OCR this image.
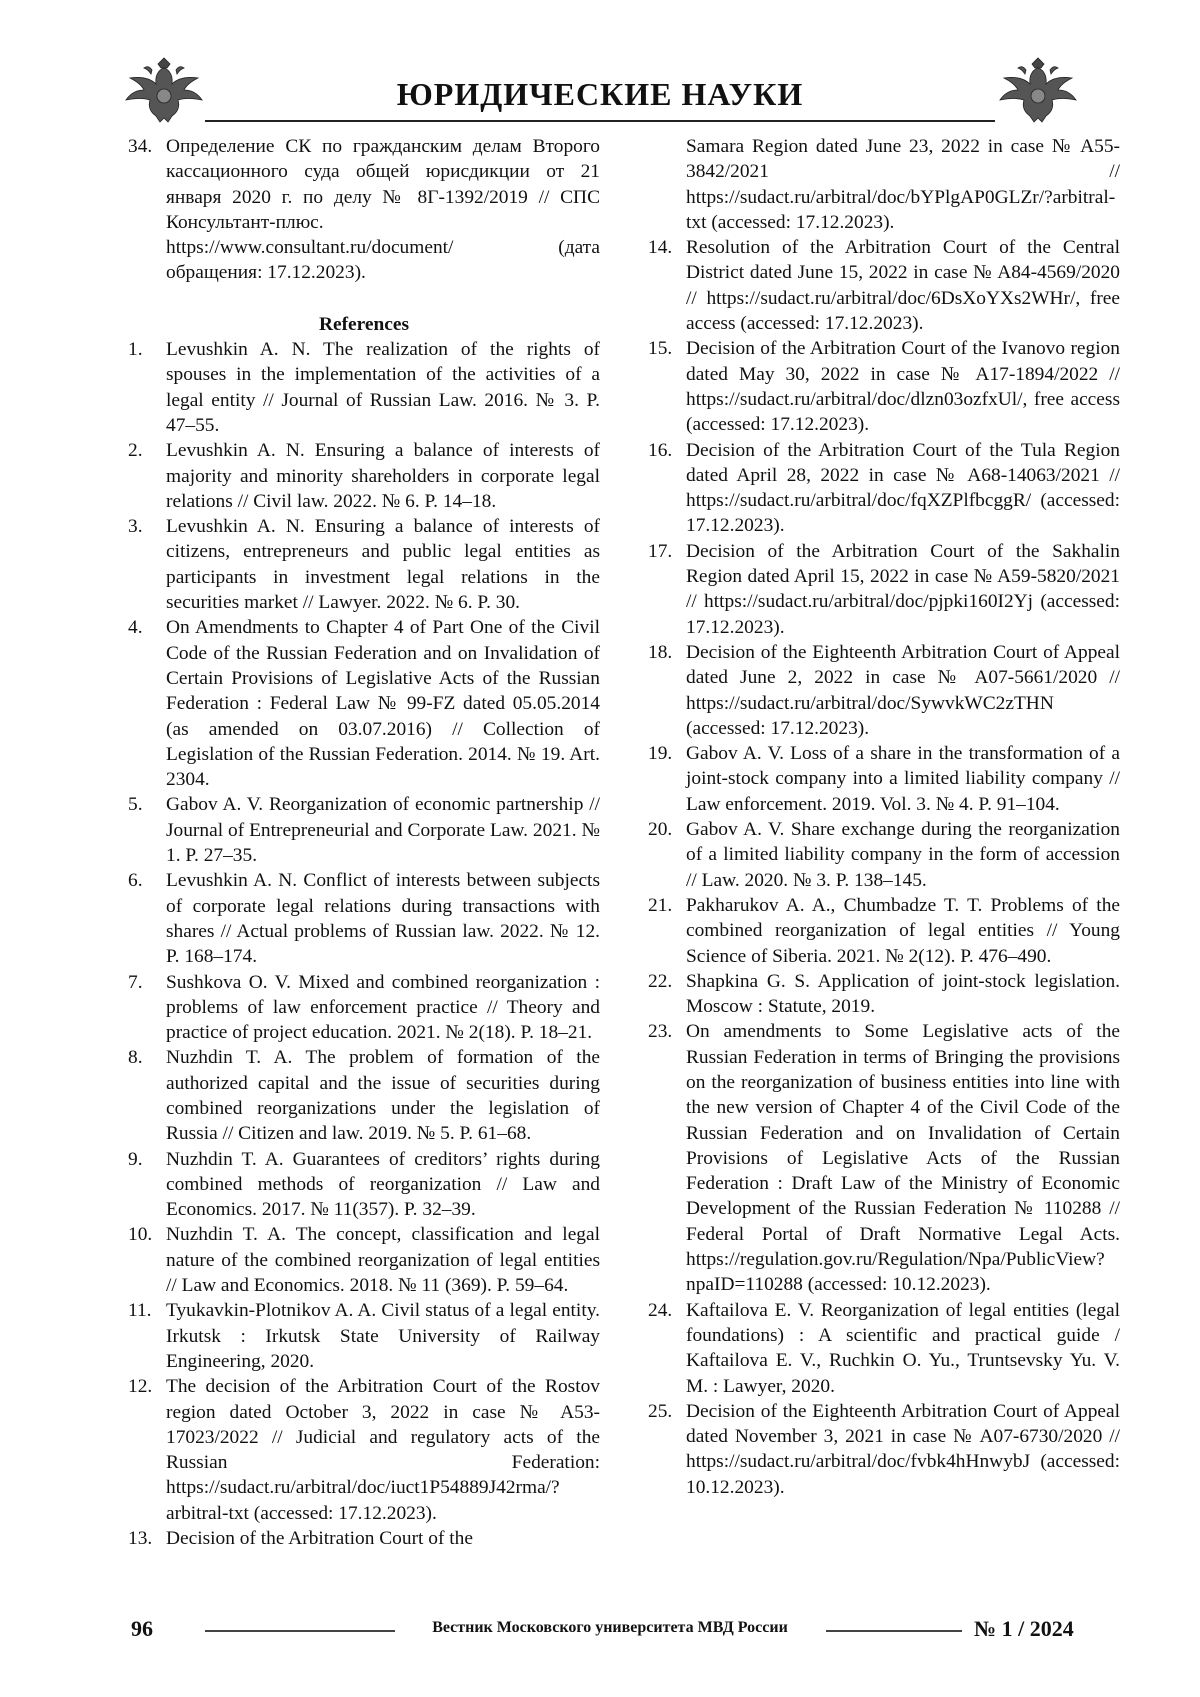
ЮРИДИЧЕСКИЕ НАУКИ
34. Определение СК по гражданским делам Второго кассационного суда общей юрисдикции от 21 января 2020 г. по делу № 8Г-1392/2019 // СПС Консультант-плюс. https://www.consultant.ru/document/ (дата обращения: 17.12.2023).
References
1.	Levushkin A. N. The realization of the rights of spouses in the implementation of the activities of a legal entity // Journal of Russian Law. 2016. № 3. P. 47–55.
2.	Levushkin A. N. Ensuring a balance of interests of majority and minority shareholders in corporate legal relations // Civil law. 2022. № 6. P. 14–18.
3.	Levushkin A. N. Ensuring a balance of interests of citizens, entrepreneurs and public legal entities as participants in investment legal relations in the securities market // Lawyer. 2022. № 6. P. 30.
4.	On Amendments to Chapter 4 of Part One of the Civil Code of the Russian Federation and on Invalidation of Certain Provisions of Legislative Acts of the Russian Federation : Federal Law № 99-FZ dated 05.05.2014 (as amended on 03.07.2016) // Collection of Legislation of the Russian Federation. 2014. № 19. Art. 2304.
5.	Gabov A. V. Reorganization of economic partnership // Journal of Entrepreneurial and Corporate Law. 2021. № 1. P. 27–35.
6.	Levushkin A. N. Conflict of interests between subjects of corporate legal relations during transactions with shares // Actual problems of Russian law. 2022. № 12. P. 168–174.
7.	Sushkova O. V. Mixed and combined reorganization : problems of law enforcement practice // Theory and practice of project education. 2021. № 2(18). P. 18–21.
8.	Nuzhdin T. A. The problem of formation of the authorized capital and the issue of securities during combined reorganizations under the legislation of Russia // Citizen and law. 2019. № 5. P. 61–68.
9.	Nuzhdin T. A. Guarantees of creditors’ rights during combined methods of reorganization // Law and Economics. 2017. № 11(357). P. 32–39.
10. Nuzhdin T. A. The concept, classification and legal nature of the combined reorganization of legal entities // Law and Economics. 2018. № 11 (369). P. 59–64.
11. Tyukavkin-Plotnikov A. A. Civil status of a legal entity. Irkutsk : Irkutsk State University of Railway Engineering, 2020.
12. The decision of the Arbitration Court of the Rostov region dated October 3, 2022 in case № A53-17023/2022 // Judicial and regulatory acts of the Russian Federation: https://sudact.ru/arbitral/doc/iuct1P54889J42rma/?arbitral-txt (accessed: 17.12.2023).
13. Decision of the Arbitration Court of the
Samara Region dated June 23, 2022 in case № A55-3842/2021 // https://sudact.ru/arbitral/doc/bYPlgAP0GLZr/?arbitral-txt (accessed: 17.12.2023).
14. Resolution of the Arbitration Court of the Central District dated June 15, 2022 in case № A84-4569/2020 // https://sudact.ru/arbitral/doc/6DsXoYXs2WHr/, free access (accessed: 17.12.2023).
15. Decision of the Arbitration Court of the Ivanovo region dated May 30, 2022 in case № A17-1894/2022 // https://sudact.ru/arbitral/doc/dlzn03ozfxUl/, free access (accessed: 17.12.2023).
16. Decision of the Arbitration Court of the Tula Region dated April 28, 2022 in case № A68-14063/2021 // https://sudact.ru/arbitral/doc/fqXZPlfbcggR/ (accessed: 17.12.2023).
17. Decision of the Arbitration Court of the Sakhalin Region dated April 15, 2022 in case № A59-5820/2021 // https://sudact.ru/arbitral/doc/pjpki160I2Yj (accessed: 17.12.2023).
18. Decision of the Eighteenth Arbitration Court of Appeal dated June 2, 2022 in case № A07-5661/2020 // https://sudact.ru/arbitral/doc/SywvkWC2zTHN (accessed: 17.12.2023).
19. Gabov A. V. Loss of a share in the transformation of a joint-stock company into a limited liability company // Law enforcement. 2019. Vol. 3. № 4. P. 91–104.
20. Gabov A. V. Share exchange during the reorganization of a limited liability company in the form of accession // Law. 2020. № 3. P. 138–145.
21. Pakharukov A. A., Chumbadze T. T. Problems of the combined reorganization of legal entities // Young Science of Siberia. 2021. № 2(12). P. 476–490.
22. Shapkina G. S. Application of joint-stock legislation. Moscow : Statute, 2019.
23. On amendments to Some Legislative acts of the Russian Federation in terms of Bringing the provisions on the reorganization of business entities into line with the new version of Chapter 4 of the Civil Code of the Russian Federation and on Invalidation of Certain Provisions of Legislative Acts of the Russian Federation : Draft Law of the Ministry of Economic Development of the Russian Federation № 110288 // Federal Portal of Draft Normative Legal Acts. https://regulation.gov.ru/Regulation/Npa/PublicView?npaID=110288 (accessed: 10.12.2023).
24. Kaftailova E. V. Reorganization of legal entities (legal foundations) : A scientific and practical guide / Kaftailova E. V., Ruchkin O. Yu., Truntsevsky Yu. V. M. : Lawyer, 2020.
25. Decision of the Eighteenth Arbitration Court of Appeal dated November 3, 2021 in case № A07-6730/2020 // https://sudact.ru/arbitral/doc/fvbk4hHnwybJ (accessed: 10.12.2023).
96	Вестник Московского университета МВД России	№ 1 / 2024
